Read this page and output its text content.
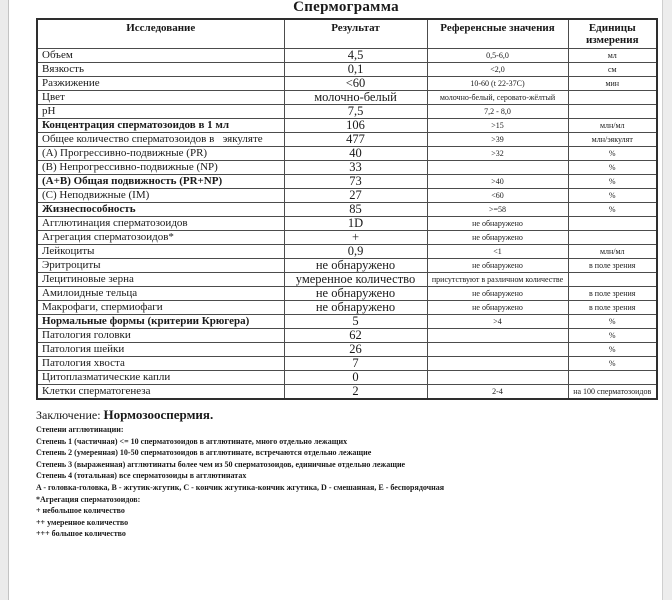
Спермограмма
Исследование	Результат	Референсные значения	Единицы измерения
Объем	4,5	0,5-6,0	мл
Вязкость	0,1	<2,0	см
Разжижение	<60	10-60 (t 22-37C)	мин
Цвет	молочно-белый	молочно-белый, серовато-жёлтый	
pH	7,5	7,2 - 8,0	
Концентрация сперматозоидов в 1 мл	106	>15	млн/мл
Общее количество сперматозоидов в   эякуляте	477	>39	млн/эякулят
(A) Прогрессивно-подвижные (PR)	40	>32	%
(B) Непрогрессивно-подвижные (NP)	33		%
(A+B) Общая подвижность (PR+NP)	73	>40	%
(C) Неподвижные (IM)	27	<60	%
Жизнеспособность	85	>=58	%
Агглютинация сперматозоидов	1D	не обнаружено	
Агрегация сперматозоидов*	+	не обнаружено	
Лейкоциты	0,9	<1	млн/мл
Эритроциты	не обнаружено	не обнаружено	в поле зрения
Лецитиновые зерна	умеренное количество	присутствуют в различном количестве	
Амилоидные тельца	не обнаружено	не обнаружено	в поле зрения
Макрофаги, спермиофаги	не обнаружено	не обнаружено	в поле зрения
Нормальные формы (критерии Крюгера)	5	>4	%
Патология головки	62		%
Патология шейки	26		%
Патология хвоста	7		%
Цитоплазматические капли	0		
Клетки сперматогенеза	2	2-4	на 100 сперматозоидов
Заключение: Нормозооспермия.
Степени агглютинации:
Степень 1 (частичная) <= 10 сперматозоидов в агглютинате, много отдельно лежащих
Степень 2 (умеренная) 10-50 сперматозоидов в агглютинате, встречаются отдельно лежащие
Степень 3 (выраженная) агглютинаты более чем из 50 сперматозоидов, единичные отдельно лежащие
Степень 4 (тотальная) все сперматозоиды в агглютинатах
A - головка-головка, B - жгутик-жгутик, C - кончик жгутика-кончик жгутика, D - смешанная, E - беспорядочная
*Агрегация сперматозоидов:
+ небольшое количество
++ умеренное количество
+++ большое количество
